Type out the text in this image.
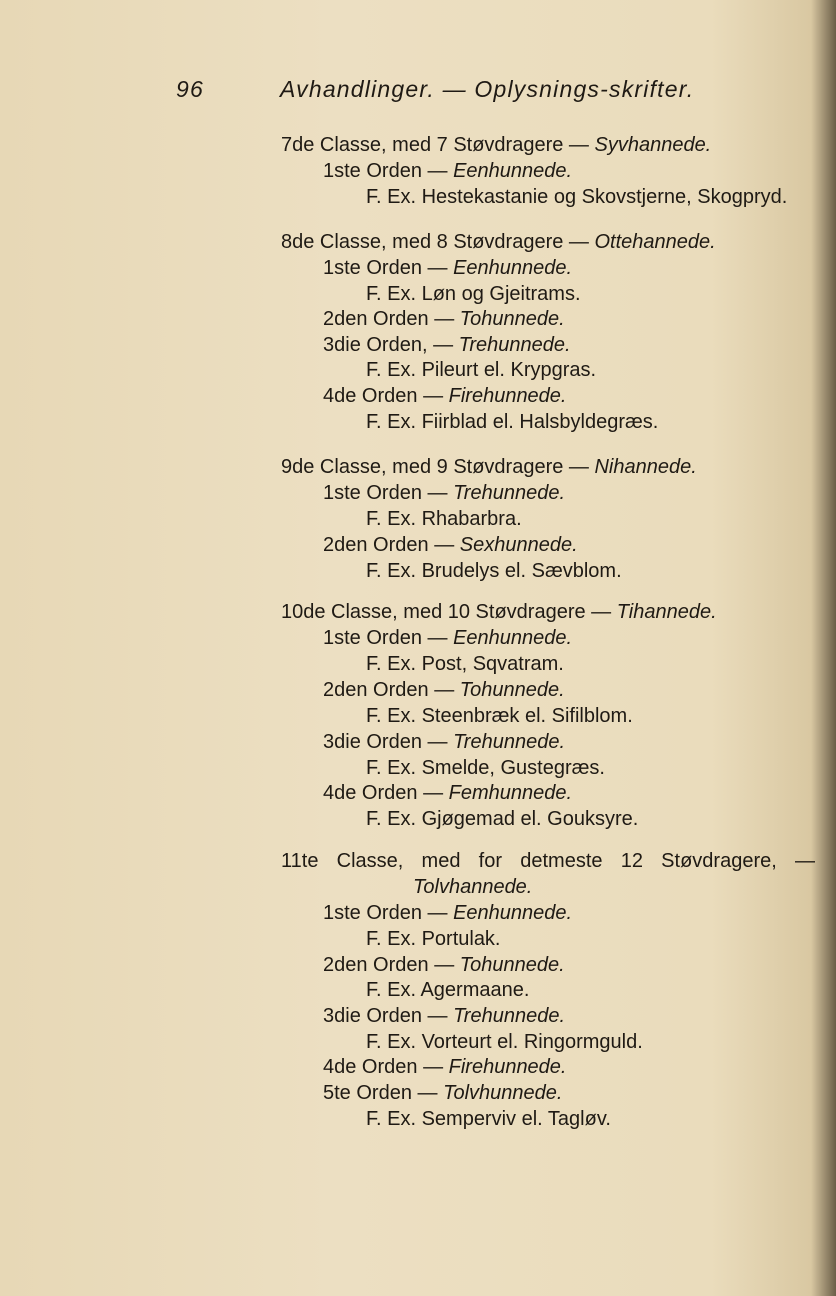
96	Avhandlinger. — Oplysnings-skrifter.
7de Classe, med 7 Støvdragere — Syvhannede.
1ste Orden — Eenhunnede.
F. Ex. Hestekastanie og Skovstjerne, Skogpryd.
8de Classe, med 8 Støvdragere — Ottehannede.
1ste Orden — Eenhunnede.
F. Ex. Løn og Gjeitrams.
2den Orden — Tohunnede.
3die Orden, — Trehunnede.
F. Ex. Pileurt el. Krypgras.
4de Orden — Firehunnede.
F. Ex. Fiirblad el. Halsbyldegræs.
9de Classe, med 9 Støvdragere — Nihannede.
1ste Orden — Trehunnede.
F. Ex. Rhabarbra.
2den Orden — Sexhunnede.
F. Ex. Brudelys el. Sævblom.
10de Classe, med 10 Støvdragere — Tihannede.
1ste Orden — Eenhunnede.
F. Ex. Post, Sqvatram.
2den Orden — Tohunnede.
F. Ex. Steenbræk el. Sifilblom.
3die Orden — Trehunnede.
F. Ex. Smelde, Gustegræs.
4de Orden — Femhunnede.
F. Ex. Gjøgemad el. Gouksyre.
11te Classe, med for detmeste 12 Støvdragere, —
Tolvhannede.
1ste Orden — Eenhunnede.
F. Ex. Portulak.
2den Orden — Tohunnede.
F. Ex. Agermaane.
3die Orden — Trehunnede.
F. Ex. Vorteurt el. Ringormguld.
4de Orden — Firehunnede.
5te Orden — Tolvhunnede.
F. Ex. Semperviv el. Tagløv.
